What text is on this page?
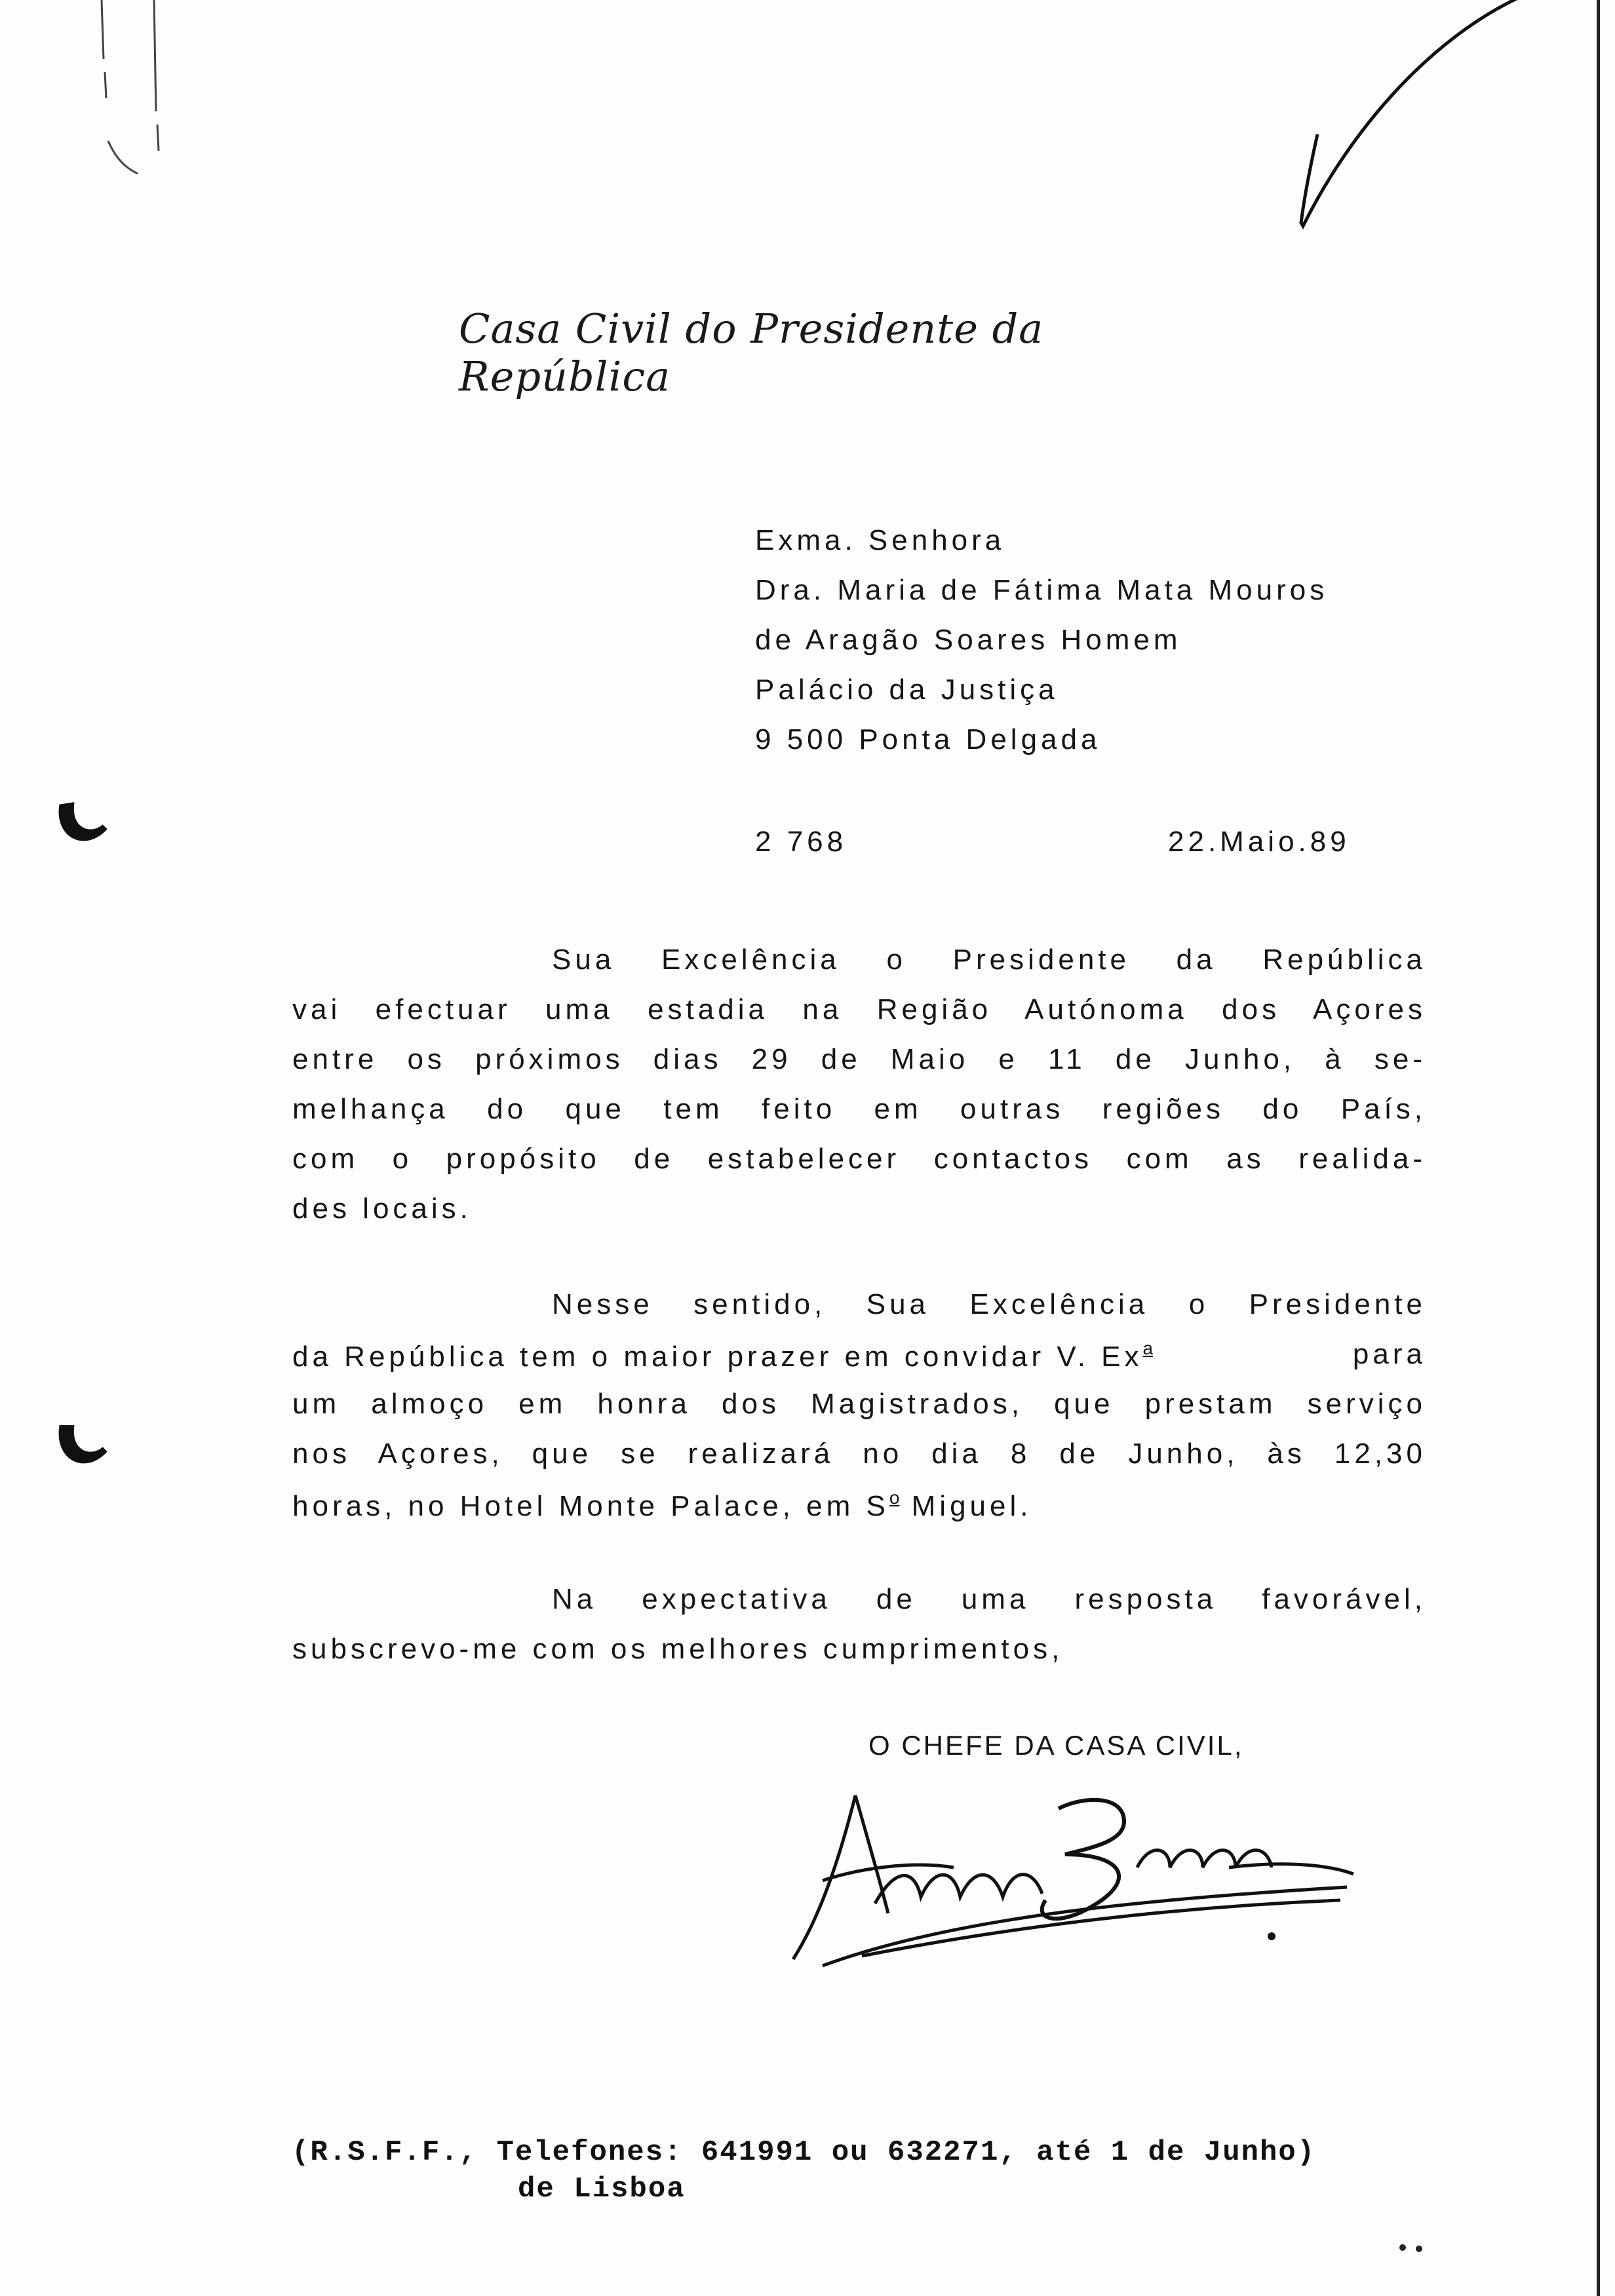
Casa Civil do Presidente da República
Exma. Senhora
Dra. Maria de Fátima Mata Mouros
de Aragão Soares Homem
Palácio da Justiça
9 500 Ponta Delgada
2 768	22.Maio.89
Sua Excelência o Presidente da República
vai efectuar uma estadia na Região Autónoma dos Açores
entre os próximos dias 29 de Maio e 11 de Junho, à se-
melhança do que tem feito em outras regiões do País,
com o propósito de estabelecer contactos com as realida-
des locais.
Nesse sentido, Sua Excelência o Presidente
da República tem o maior prazer em convidar V. Ex$^a$	para
um almoço em honra dos Magistrados, que prestam serviço
nos Açores, que se realizará no dia 8 de Junho, às 12,30
horas, no Hotel Monte Palace, em $S^o$ Miguel.
Na expectativa de uma resposta favorável,
subscrevo-me com os melhores cumprimentos,
O CHEFE DA CASA CIVIL,
(R.S.F.F., Telefones: 641991 ou 632271, até 1 de Junho)
de Lisboa
